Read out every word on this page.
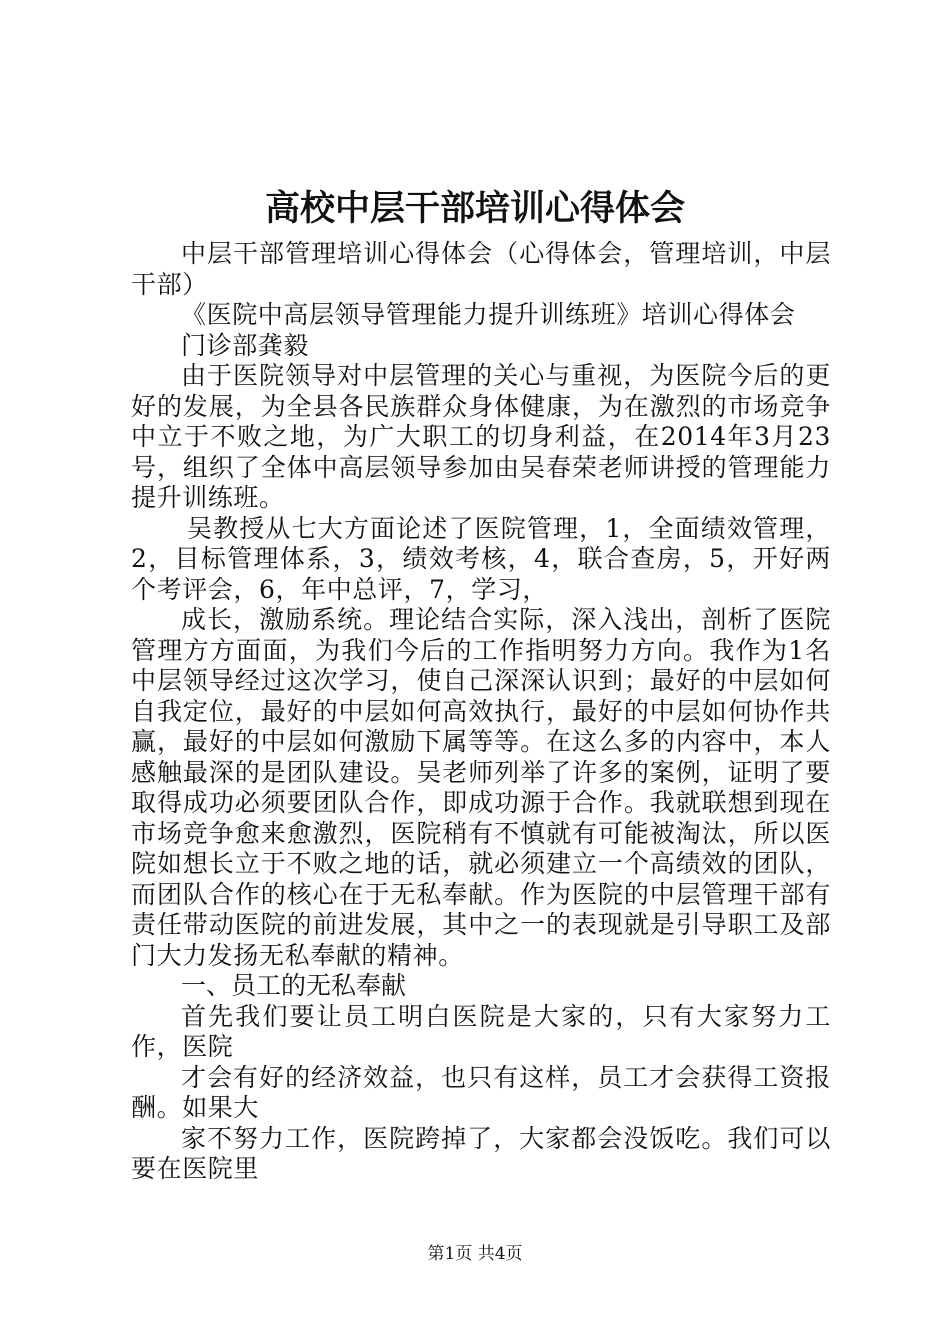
高校中层干部培训心得体会

中层干部管理培训心得体会（心得体会，管理培训，中层干部）

《医院中高层领导管理能力提升训练班》培训心得体会

门诊部龚毅

由于医院领导对中层管理的关心与重视，为医院今后的更好的发展，为全县各民族群众身体健康，为在激烈的市场竞争中立于不败之地，为广大职工的切身利益，在2014年3月23号，组织了全体中高层领导参加由吴春荣老师讲授的管理能力提升训练班。

吴教授从七大方面论述了医院管理，1，全面绩效管理，2，目标管理体系，3，绩效考核，4，联合查房，5，开好两个考评会，6，年中总评，7，学习，

成长，激励系统。理论结合实际，深入浅出，剖析了医院管理方方面面，为我们今后的工作指明努力方向。我作为1名中层领导经过这次学习，使自己深深认识到；最好的中层如何自我定位，最好的中层如何高效执行，最好的中层如何协作共赢，最好的中层如何激励下属等等。在这么多的内容中，本人感触最深的是团队建设。吴老师列举了许多的案例，证明了要取得成功必须要团队合作，即成功源于合作。我就联想到现在市场竞争愈来愈激烈，医院稍有不慎就有可能被淘汰，所以医院如想长立于不败之地的话，就必须建立一个高绩效的团队，而团队合作的核心在于无私奉献。作为医院的中层管理干部有责任带动医院的前进发展，其中之一的表现就是引导职工及部门大力发扬无私奉献的精神。

一、员工的无私奉献

首先我们要让员工明白医院是大家的，只有大家努力工作，医院

才会有好的经济效益，也只有这样，员工才会获得工资报酬。如果大

家不努力工作，医院跨掉了，大家都会没饭吃。我们可以要在医院里

第1页 共4页
